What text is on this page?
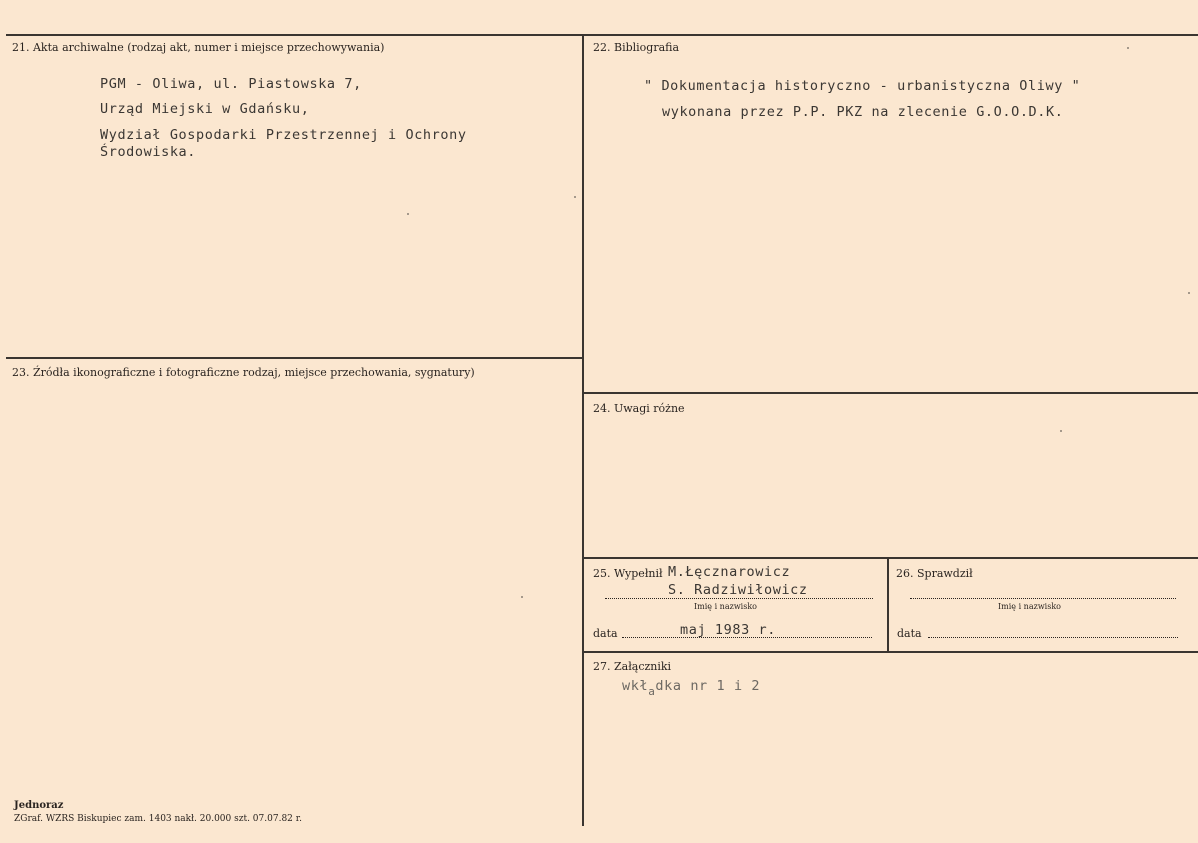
21. Akta archiwalne (rodzaj akt, numer i miejsce przechowywania)
PGM - Oliwa, ul. Piastowska 7,
Urząd Miejski w Gdańsku,
Wydział Gospodarki Przestrzennej i Ochrony
Środowiska.
22. Bibliografia
" Dokumentacja historyczno - urbanistyczna Oliwy "
wykonana przez P.P. PKZ na zlecenie G.O.O.D.K.
23. Źródła ikonograficzne i fotograficzne rodzaj, miejsce przechowania, sygnatury)
24. Uwagi różne
25. Wypełnił M.Łęcznarowicz
S. Radziwiłowicz
Imię i nazwisko
data	maj 1983 r.
26. Sprawdził
Imię i nazwisko
data
27. Załączniki
wkł$_a$dka nr 1 i 2
Jednoraz
ZGraf. WZRS Biskupiec zam. 1403 nakł. 20.000 szt. 07.07.82 r.
